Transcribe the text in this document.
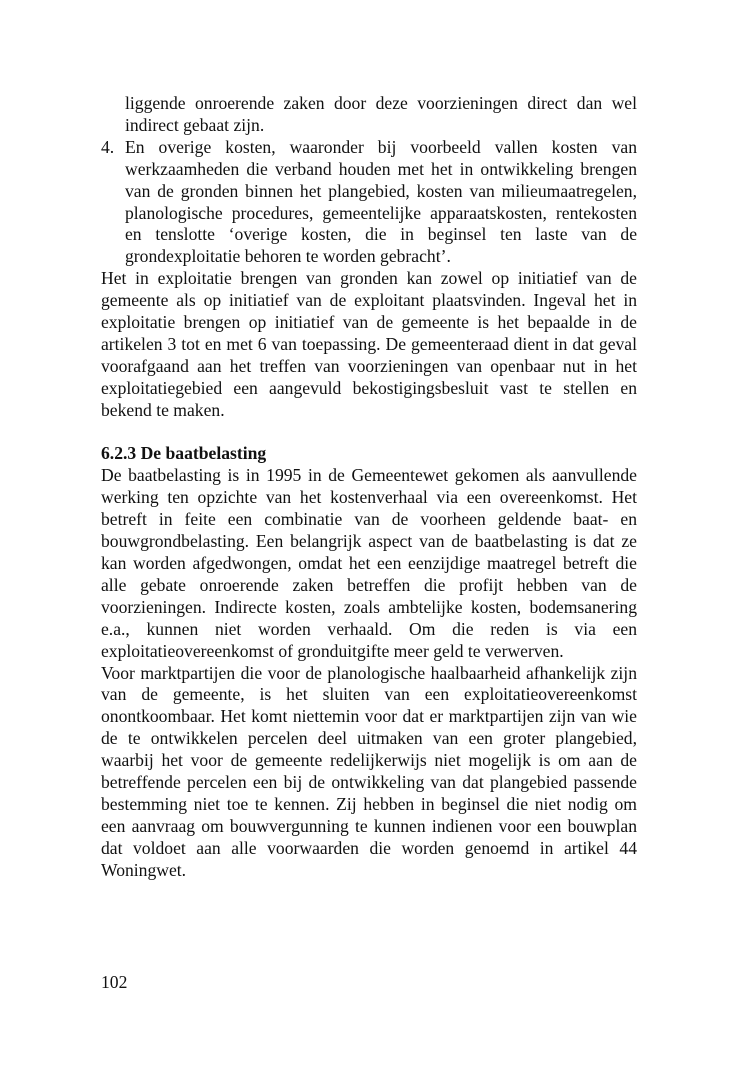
liggende onroerende zaken door deze voorzieningen direct dan wel indirect gebaat zijn.

4. En overige kosten, waaronder bij voorbeeld vallen kosten van werkzaamheden die verband houden met het in ontwikkeling brengen van de gronden binnen het plangebied, kosten van milieumaatregelen, planologische procedures, gemeentelijke apparaatskosten, rentekosten en tenslotte ‘overige kosten, die in beginsel ten laste van de grondexploitatie behoren te worden gebracht’.

Het in exploitatie brengen van gronden kan zowel op initiatief van de gemeente als op initiatief van de exploitant plaatsvinden. Ingeval het in exploitatie brengen op initiatief van de gemeente is het bepaalde in de artikelen 3 tot en met 6 van toepassing. De gemeenteraad dient in dat geval voorafgaand aan het treffen van voorzieningen van openbaar nut in het exploitatiegebied een aangevuld bekostigingsbesluit vast te stellen en bekend te maken.

6.2.3 De baatbelasting

De baatbelasting is in 1995 in de Gemeentewet gekomen als aanvullende werking ten opzichte van het kostenverhaal via een overeenkomst. Het betreft in feite een combinatie van de voorheen geldende baat- en bouwgrondbelasting. Een belangrijk aspect van de baatbelasting is dat ze kan worden afgedwongen, omdat het een eenzijdige maatregel betreft die alle gebate onroerende zaken betreffen die profijt hebben van de voorzieningen. Indirecte kosten, zoals ambtelijke kosten, bodemsanering e.a., kunnen niet worden verhaald. Om die reden is via een exploitatieovereenkomst of gronduitgifte meer geld te verwerven.

Voor marktpartijen die voor de planologische haalbaarheid afhankelijk zijn van de gemeente, is het sluiten van een exploitatieovereenkomst onontkoombaar. Het komt niettemin voor dat er marktpartijen zijn van wie de te ontwikkelen percelen deel uitmaken van een groter plangebied, waarbij het voor de gemeente redelijkerwijs niet mogelijk is om aan de betreffende percelen een bij de ontwikkeling van dat plangebied passende bestemming niet toe te kennen. Zij hebben in beginsel die niet nodig om een aanvraag om bouwvergunning te kunnen indienen voor een bouwplan dat voldoet aan alle voorwaarden die worden genoemd in artikel 44 Woningwet.

102
